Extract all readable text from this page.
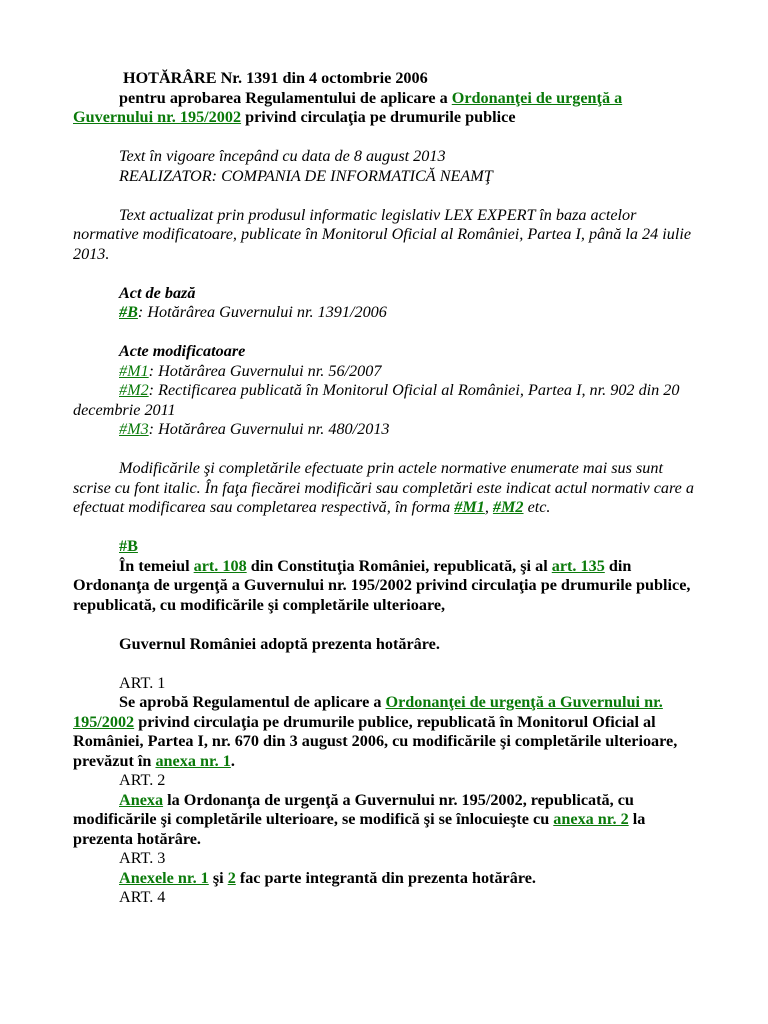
HOTĂRÂRE Nr. 1391 din 4 octombrie 2006

pentru aprobarea Regulamentului de aplicare a Ordonanţei de urgenţă a Guvernului nr. 195/2002 privind circulaţia pe drumurile publice

Text în vigoare începând cu data de 8 august 2013

REALIZATOR: COMPANIA DE INFORMATICĂ NEAMŢ

Text actualizat prin produsul informatic legislativ LEX EXPERT în baza actelor normative modificatoare, publicate în Monitorul Oficial al României, Partea I, până la 24 iulie 2013.

Act de bază

#B: Hotărârea Guvernului nr. 1391/2006

Acte modificatoare

#M1: Hotărârea Guvernului nr. 56/2007

#M2: Rectificarea publicată în Monitorul Oficial al României, Partea I, nr. 902 din 20 decembrie 2011

#M3: Hotărârea Guvernului nr. 480/2013

Modificările şi completările efectuate prin actele normative enumerate mai sus sunt scrise cu font italic. În faţa fiecărei modificări sau completări este indicat actul normativ care a efectuat modificarea sau completarea respectivă, în forma #M1, #M2 etc.

#B

În temeiul art. 108 din Constituţia României, republicată, şi al art. 135 din Ordonanţa de urgenţă a Guvernului nr. 195/2002 privind circulaţia pe drumurile publice, republicată, cu modificările şi completările ulterioare,

Guvernul României adoptă prezenta hotărâre.

ART. 1

Se aprobă Regulamentul de aplicare a Ordonanţei de urgenţă a Guvernului nr. 195/2002 privind circulaţia pe drumurile publice, republicată în Monitorul Oficial al României, Partea I, nr. 670 din 3 august 2006, cu modificările şi completările ulterioare, prevăzut în anexa nr. 1.

ART. 2

Anexa la Ordonanţa de urgenţă a Guvernului nr. 195/2002, republicată, cu modificările şi completările ulterioare, se modifică şi se înlocuieşte cu anexa nr. 2 la prezenta hotărâre.

ART. 3

Anexele nr. 1 şi 2 fac parte integrantă din prezenta hotărâre.

ART. 4
